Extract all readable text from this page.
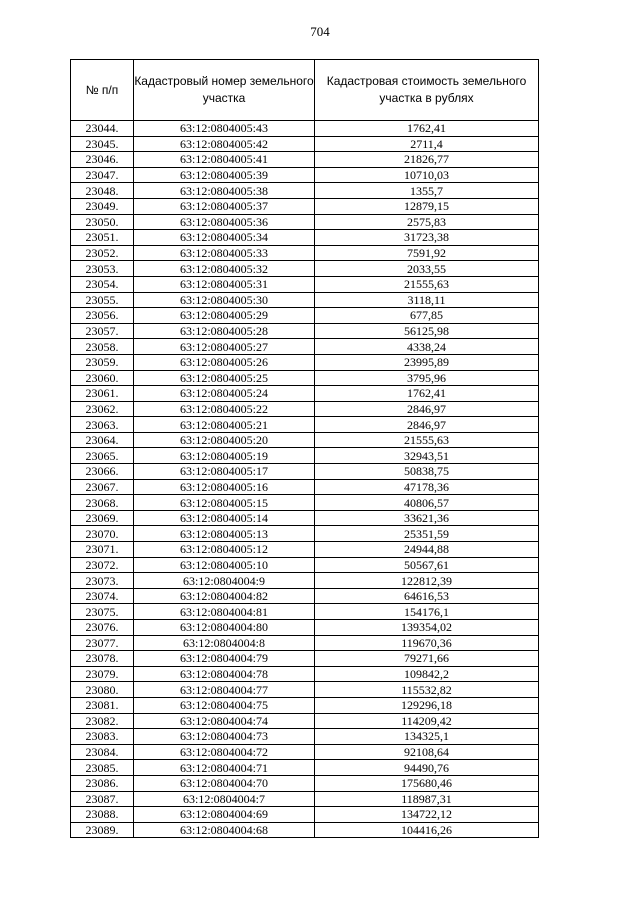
704
№ п/п	Кадастровый номер земельного участка	Кадастровая стоимость земельного участка в рублях
23044.	63:12:0804005:43	1762,41
23045.	63:12:0804005:42	2711,4
23046.	63:12:0804005:41	21826,77
23047.	63:12:0804005:39	10710,03
23048.	63:12:0804005:38	1355,7
23049.	63:12:0804005:37	12879,15
23050.	63:12:0804005:36	2575,83
23051.	63:12:0804005:34	31723,38
23052.	63:12:0804005:33	7591,92
23053.	63:12:0804005:32	2033,55
23054.	63:12:0804005:31	21555,63
23055.	63:12:0804005:30	3118,11
23056.	63:12:0804005:29	677,85
23057.	63:12:0804005:28	56125,98
23058.	63:12:0804005:27	4338,24
23059.	63:12:0804005:26	23995,89
23060.	63:12:0804005:25	3795,96
23061.	63:12:0804005:24	1762,41
23062.	63:12:0804005:22	2846,97
23063.	63:12:0804005:21	2846,97
23064.	63:12:0804005:20	21555,63
23065.	63:12:0804005:19	32943,51
23066.	63:12:0804005:17	50838,75
23067.	63:12:0804005:16	47178,36
23068.	63:12:0804005:15	40806,57
23069.	63:12:0804005:14	33621,36
23070.	63:12:0804005:13	25351,59
23071.	63:12:0804005:12	24944,88
23072.	63:12:0804005:10	50567,61
23073.	63:12:0804004:9	122812,39
23074.	63:12:0804004:82	64616,53
23075.	63:12:0804004:81	154176,1
23076.	63:12:0804004:80	139354,02
23077.	63:12:0804004:8	119670,36
23078.	63:12:0804004:79	79271,66
23079.	63:12:0804004:78	109842,2
23080.	63:12:0804004:77	115532,82
23081.	63:12:0804004:75	129296,18
23082.	63:12:0804004:74	114209,42
23083.	63:12:0804004:73	134325,1
23084.	63:12:0804004:72	92108,64
23085.	63:12:0804004:71	94490,76
23086.	63:12:0804004:70	175680,46
23087.	63:12:0804004:7	118987,31
23088.	63:12:0804004:69	134722,12
23089.	63:12:0804004:68	104416,26
